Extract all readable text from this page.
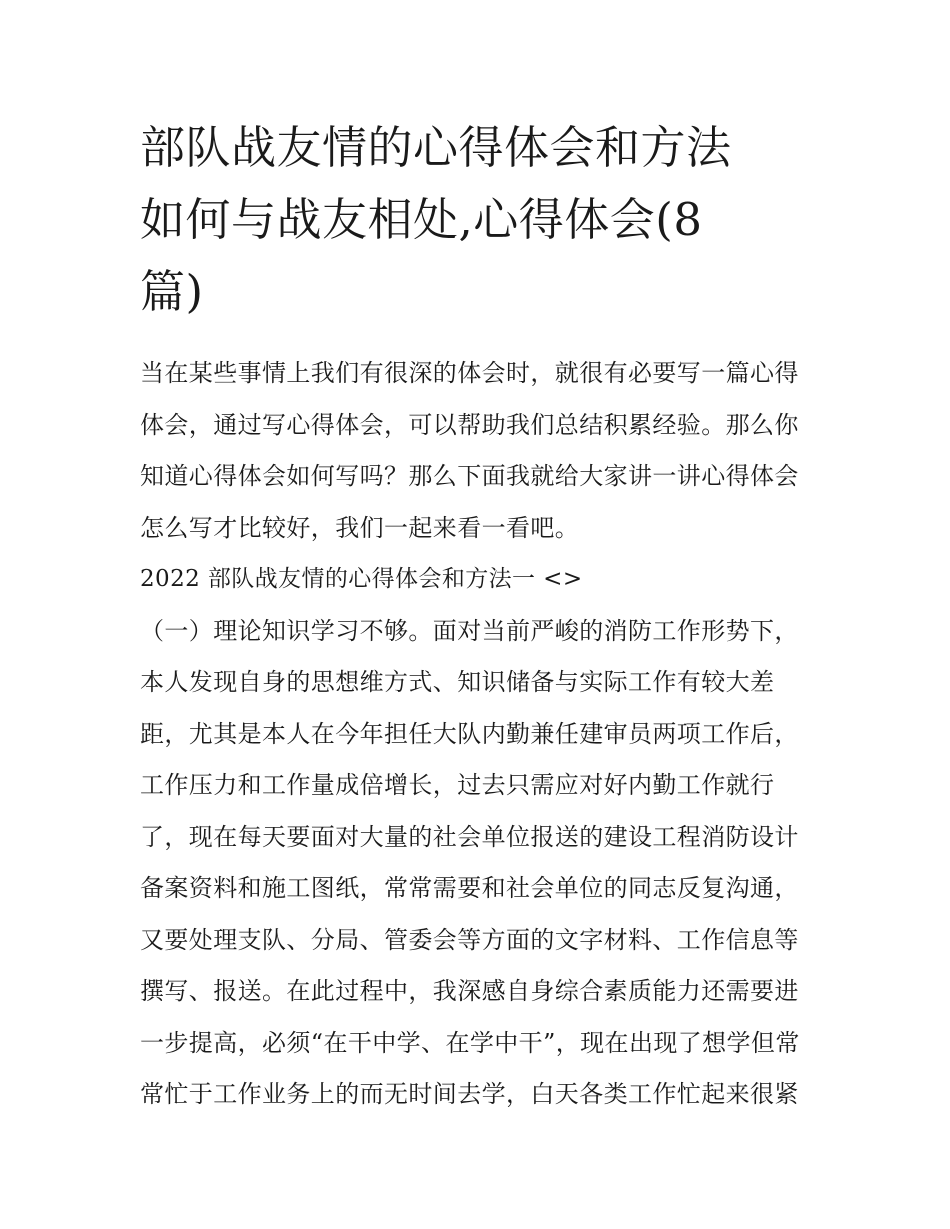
部队战友情的心得体会和方法
如何与战友相处,心得体会(8
篇)
当在某些事情上我们有很深的体会时，就很有必要写一篇心得
体会，通过写心得体会，可以帮助我们总结积累经验。那么你
知道心得体会如何写吗？那么下面我就给大家讲一讲心得体会
怎么写才比较好，我们一起来看一看吧。
2022 部队战友情的心得体会和方法一 <>
（一）理论知识学习不够。面对当前严峻的消防工作形势下，
本人发现自身的思想维方式、知识储备与实际工作有较大差
距，尤其是本人在今年担任大队内勤兼任建审员两项工作后，
工作压力和工作量成倍增长，过去只需应对好内勤工作就行
了，现在每天要面对大量的社会单位报送的建设工程消防设计
备案资料和施工图纸，常常需要和社会单位的同志反复沟通，
又要处理支队、分局、管委会等方面的文字材料、工作信息等
撰写、报送。在此过程中，我深感自身综合素质能力还需要进
一步提高，必须“在干中学、在学中干”，现在出现了想学但常
常忙于工作业务上的而无时间去学，白天各类工作忙起来很紧
